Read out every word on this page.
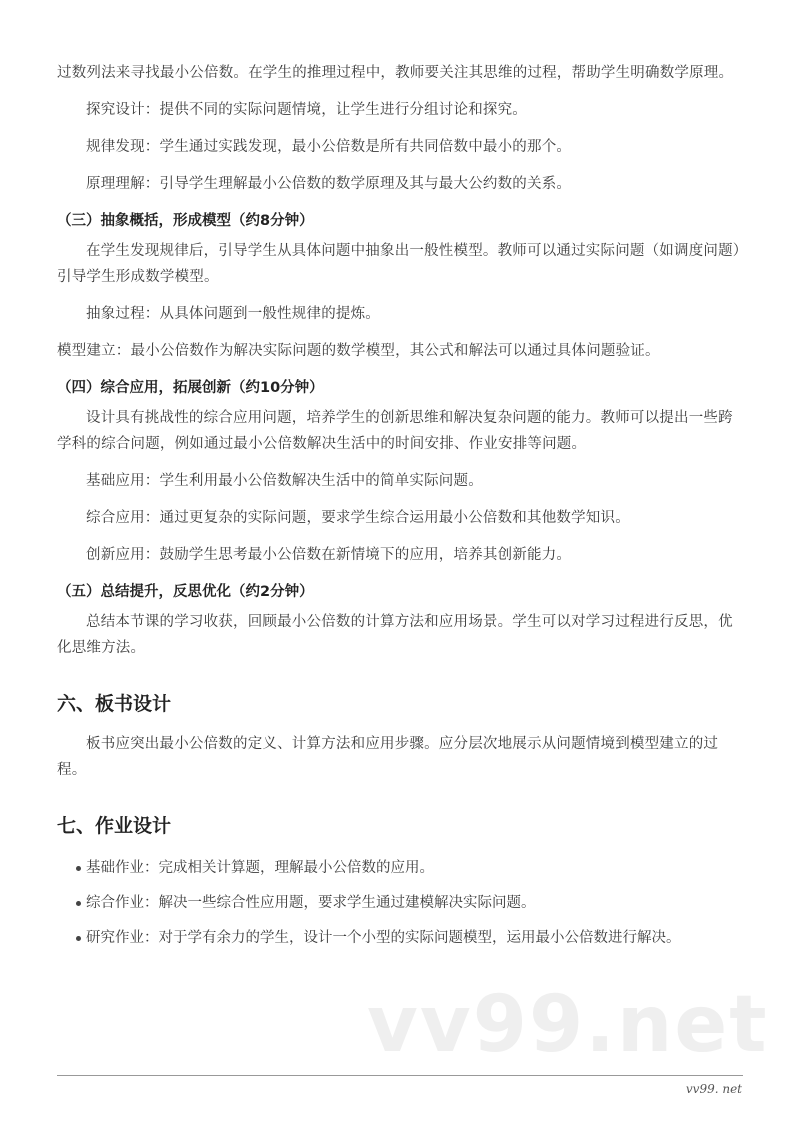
过数列法来寻找最小公倍数。在学生的推理过程中，教师要关注其思维的过程，帮助学生明确数学原理。

探究设计：提供不同的实际问题情境，让学生进行分组讨论和探究。

规律发现：学生通过实践发现，最小公倍数是所有共同倍数中最小的那个。

原理理解：引导学生理解最小公倍数的数学原理及其与最大公约数的关系。

（三）抽象概括，形成模型（约8分钟）

在学生发现规律后，引导学生从具体问题中抽象出一般性模型。教师可以通过实际问题（如调度问题）引导学生形成数学模型。

抽象过程：从具体问题到一般性规律的提炼。

模型建立：最小公倍数作为解决实际问题的数学模型，其公式和解法可以通过具体问题验证。

（四）综合应用，拓展创新（约10分钟）

设计具有挑战性的综合应用问题，培养学生的创新思维和解决复杂问题的能力。教师可以提出一些跨学科的综合问题，例如通过最小公倍数解决生活中的时间安排、作业安排等问题。

基础应用：学生利用最小公倍数解决生活中的简单实际问题。

综合应用：通过更复杂的实际问题，要求学生综合运用最小公倍数和其他数学知识。

创新应用：鼓励学生思考最小公倍数在新情境下的应用，培养其创新能力。

（五）总结提升，反思优化（约2分钟）

总结本节课的学习收获，回顾最小公倍数的计算方法和应用场景。学生可以对学习过程进行反思，优化思维方法。

六、板书设计

板书应突出最小公倍数的定义、计算方法和应用步骤。应分层次地展示从问题情境到模型建立的过程。

七、作业设计
基础作业：完成相关计算题，理解最小公倍数的应用。
综合作业：解决一些综合性应用题，要求学生通过建模解决实际问题。
研究作业：对于学有余力的学生，设计一个小型的实际问题模型，运用最小公倍数进行解决。
vv99.net
vv99. net
